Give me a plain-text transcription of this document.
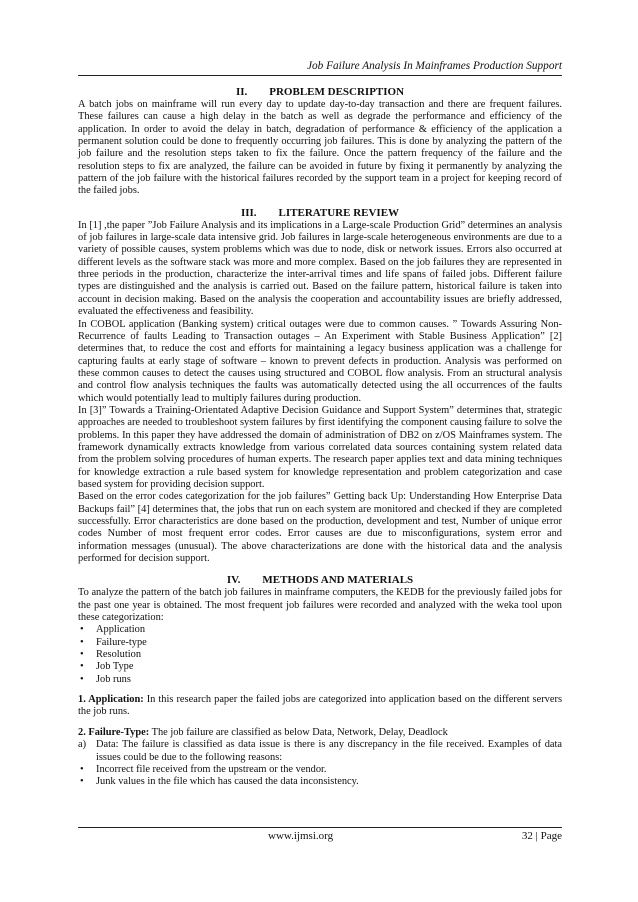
Job Failure Analysis In Mainframes Production Support
II. PROBLEM DESCRIPTION

A batch jobs on mainframe will run every day to update day-to-day transaction and there are frequent failures. These failures can cause a high delay in the batch as well as degrade the performance and efficiency of the application. In order to avoid the delay in batch, degradation of performance & efficiency of the application a permanent solution could be done to frequently occurring job failures. This is done by analyzing the pattern of the job failure and the resolution steps taken to fix the failure. Once the pattern frequency of the failure and the resolution steps to fix are analyzed, the failure can be avoided in future by fixing it permanently by analyzing the pattern of the job failure with the historical failures recorded by the support team in a project for keeping record of the failed jobs.

III. LITERATURE REVIEW

In [1] ,the paper ”Job Failure Analysis and its implications in a Large-scale Production Grid” determines an analysis of job failures in large-scale data intensive grid. Job failures in large-scale heterogeneous environments are due to a variety of possible causes, system problems which was due to node, disk or network issues. Errors also occurred at different levels as the software stack was more and more complex. Based on the job failures they are represented in three periods in the production, characterize the inter-arrival times and life spans of failed jobs. Different failure types are distinguished and the analysis is carried out. Based on the failure pattern, historical failure is taken into account in decision making. Based on the analysis the cooperation and accountability issues are briefly addressed, evaluated the effectiveness and feasibility.

In COBOL application (Banking system) critical outages were due to common causes. ” Towards Assuring Non-Recurrence of faults Leading to Transaction outages – An Experiment with Stable Business Application” [2] determines that, to reduce the cost and efforts for maintaining a legacy business application was a challenge for capturing faults at early stage of software – known to prevent defects in production. Analysis was performed on these common causes to detect the causes using structured and COBOL flow analysis. From an structural analysis and control flow analysis techniques the faults was automatically detected using the all occurrences of the faults which would potentially lead to multiply failures during production.

In [3]” Towards a Training-Orientated Adaptive Decision Guidance and Support System” determines that, strategic approaches are needed to troubleshoot system failures by first identifying the component causing failure to solve the problems. In this paper they have addressed the domain of administration of DB2 on z/OS Mainframes system. The framework dynamically extracts knowledge from various correlated data sources containing system related data from the problem solving procedures of human experts. The research paper applies text and data mining techniques for knowledge extraction a rule based system for knowledge representation and problem categorization and case based system for providing decision support.

Based on the error codes categorization for the job failures” Getting back Up: Understanding How Enterprise Data Backups fail” [4] determines that, the jobs that run on each system are monitored and checked if they are completed successfully. Error characteristics are done based on the production, development and test, Number of unique error codes Number of most frequent error codes. Error causes are due to misconfigurations, system error and information messages (unusual). The above characterizations are done with the historical data and the analysis performed for decision support.

IV. METHODS AND MATERIALS

To analyze the pattern of the batch job failures in mainframe computers, the KEDB for the previously failed jobs for the past one year is obtained. The most frequent job failures were recorded and analyzed with the weka tool upon these categorization:

• Application
• Failure-type
• Resolution
• Job Type
• Job runs

1. Application: In this research paper the failed jobs are categorized into application based on the different servers the job runs.

2. Failure-Type: The job failure are classified as below Data, Network, Delay, Deadlock

a) Data: The failure is classified as data issue is there is any discrepancy in the file received. Examples of data issues could be due to the following reasons:
• Incorrect file received from the upstream or the vendor.
• Junk values in the file which has caused the data inconsistency.
www.ijmsi.org	32 | Page
